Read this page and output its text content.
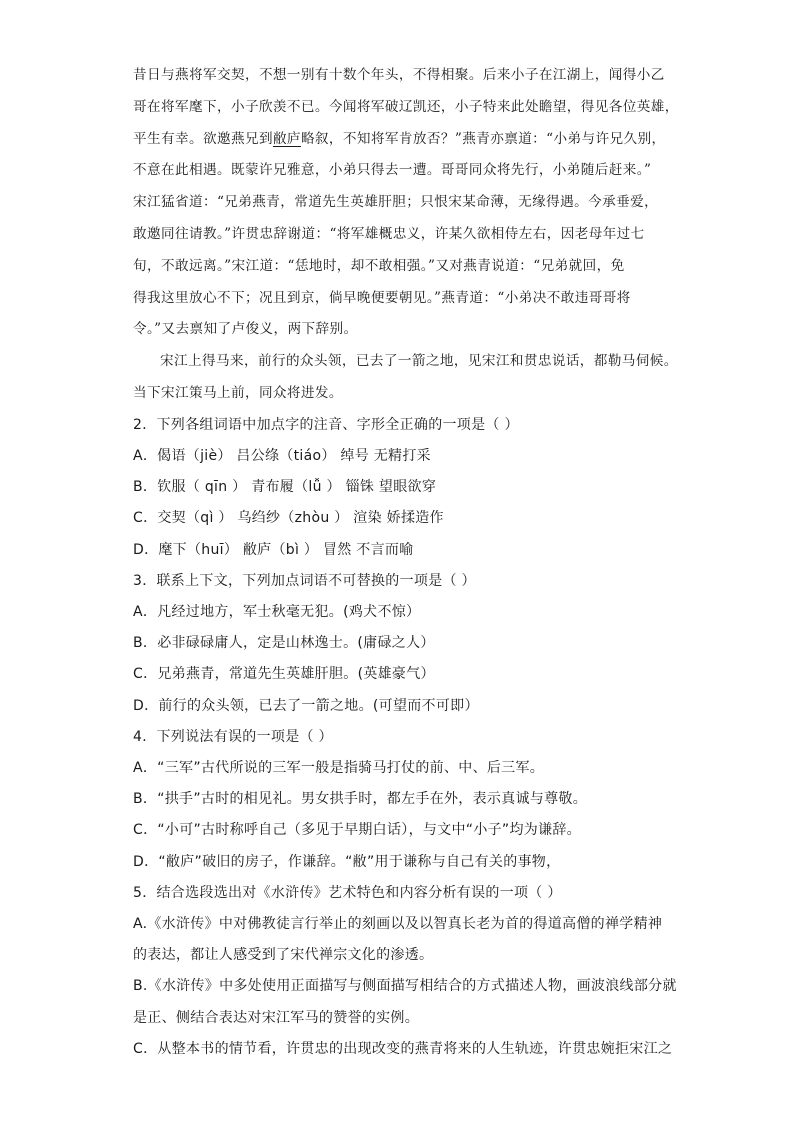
昔日与燕将军交契，不想一别有十数个年头，不得相聚。后来小子在江湖上，闻得小乙

哥在将军麾下，小子欣羡不已。今闻将军破辽凯还，小子特来此处瞻望，得见各位英雄，

平生有幸。欲邀燕兄到敝庐略叙，不知将军肯放否？”燕青亦禀道：“小弟与许兄久别，

不意在此相遇。既蒙许兄雅意，小弟只得去一遭。哥哥同众将先行，小弟随后赶来。”

宋江猛省道：“兄弟燕青，常道先生英雄肝胆；只恨宋某命薄，无缘得遇。今承垂爱，

敢邀同往请教。”许贯忠辞谢道：“将军雄概忠义，许某久欲相侍左右，因老母年过七

旬，不敢远离。”宋江道：“恁地时，却不敢相强。”又对燕青说道：“兄弟就回，免

得我这里放心不下；况且到京，倘早晚便要朝见。”燕青道：“小弟决不敢违哥哥将

令。”又去禀知了卢俊义，两下辞别。

宋江上得马来，前行的众头领，已去了一箭之地，见宋江和贯忠说话，都勒马伺候。

当下宋江策马上前，同众将进发。

2．下列各组词语中加点字的注音、字形全正确的一项是（ ）

A．偈语（jiè） 吕公绦（tiáo） 绰号 无精打采

B．钦服（ qīn ） 青布履（lǚ ） 锱铢 望眼欲穿

C．交契（qì ） 乌绉纱（zhòu ） 渲染 娇揉造作

D．麾下（huī） 敝庐（bì ） 冒然 不言而喻

3．联系上下文，下列加点词语不可替换的一项是（ ）

A．凡经过地方，军士秋毫无犯。(鸡犬不惊）

B．必非碌碌庸人，定是山林逸士。(庸碌之人）

C．兄弟燕青，常道先生英雄肝胆。(英雄豪气）

D．前行的众头领，已去了一箭之地。(可望而不可即）

4．下列说法有误的一项是（ ）

A．“三军”古代所说的三军一般是指骑马打仗的前、中、后三军。

B．“拱手”古时的相见礼。男女拱手时，都左手在外，表示真诚与尊敬。

C．“小可”古时称呼自己（多见于早期白话），与文中“小子”均为谦辞。

D．“敝庐”破旧的房子，作谦辞。“敝”用于谦称与自己有关的事物，

5．结合选段选出对《水浒传》艺术特色和内容分析有误的一项（ ）

A.《水浒传》中对佛教徒言行举止的刻画以及以智真长老为首的得道高僧的禅学精神

的表达，都让人感受到了宋代禅宗文化的渗透。

B.《水浒传》中多处使用正面描写与侧面描写相结合的方式描述人物，画波浪线部分就

是正、侧结合表达对宋江军马的赞誉的实例。

C．从整本书的情节看，许贯忠的出现改变的燕青将来的人生轨迹，许贯忠婉拒宋江之
